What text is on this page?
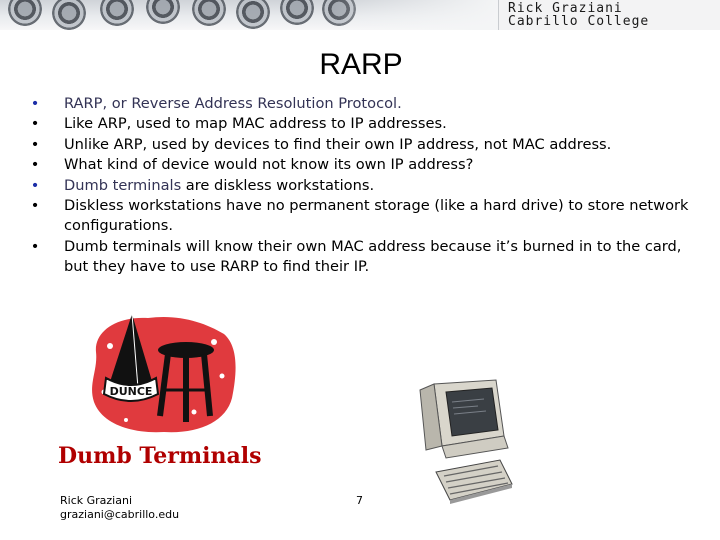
Rick Graziani
Cabrillo College
RARP
• RARP, or Reverse Address Resolution Protocol.
• Like ARP, used to map MAC address to IP addresses.
• Unlike ARP, used by devices to find their own IP address, not MAC address.
• What kind of device would not know its own IP address?
• Dumb terminals are diskless workstations.
• Diskless workstations have no permanent storage (like a hard drive) to store network configurations.
• Dumb terminals will know their own MAC address because it’s burned in to the card, but they have to use RARP to find their IP.
DUNCE
Dumb Terminals
Rick Graziani
graziani@cabrillo.edu
7
